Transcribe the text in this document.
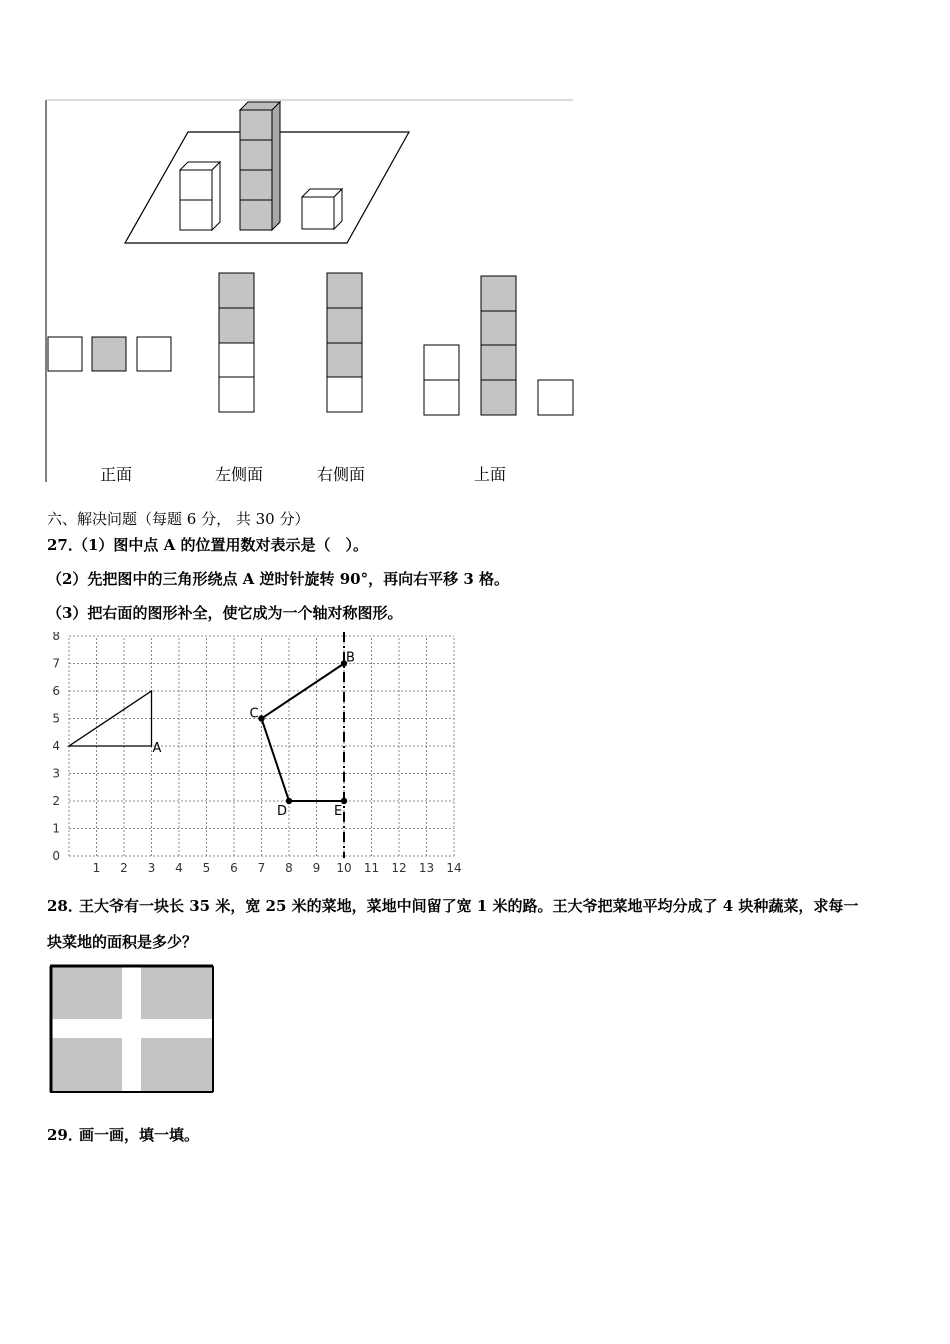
正面	左侧面	右侧面	上面
六、解决问题（每题 6 分， 共 30 分）
27．
（1）图中点 A 的位置用数对表示是（　）。
（2）先把图中的三角形绕点 A 逆时针旋转 90°，再向右平移 3 格。
（3）把右面的图形补全，使它成为一个轴对称图形。
1 2 3 4 5 6 7 8 9 10 11 12 13 14
0
1
2
3
4
5
6
7
8
A
B
C
D	E
28．
王大爷有一块长 35 米，宽 25 米的菜地，菜地中间留了宽 1 米的路。王大爷把菜地平均分成了 4 块种蔬菜，求每一
块菜地的面积是多少？
29．
画一画，填一填。
